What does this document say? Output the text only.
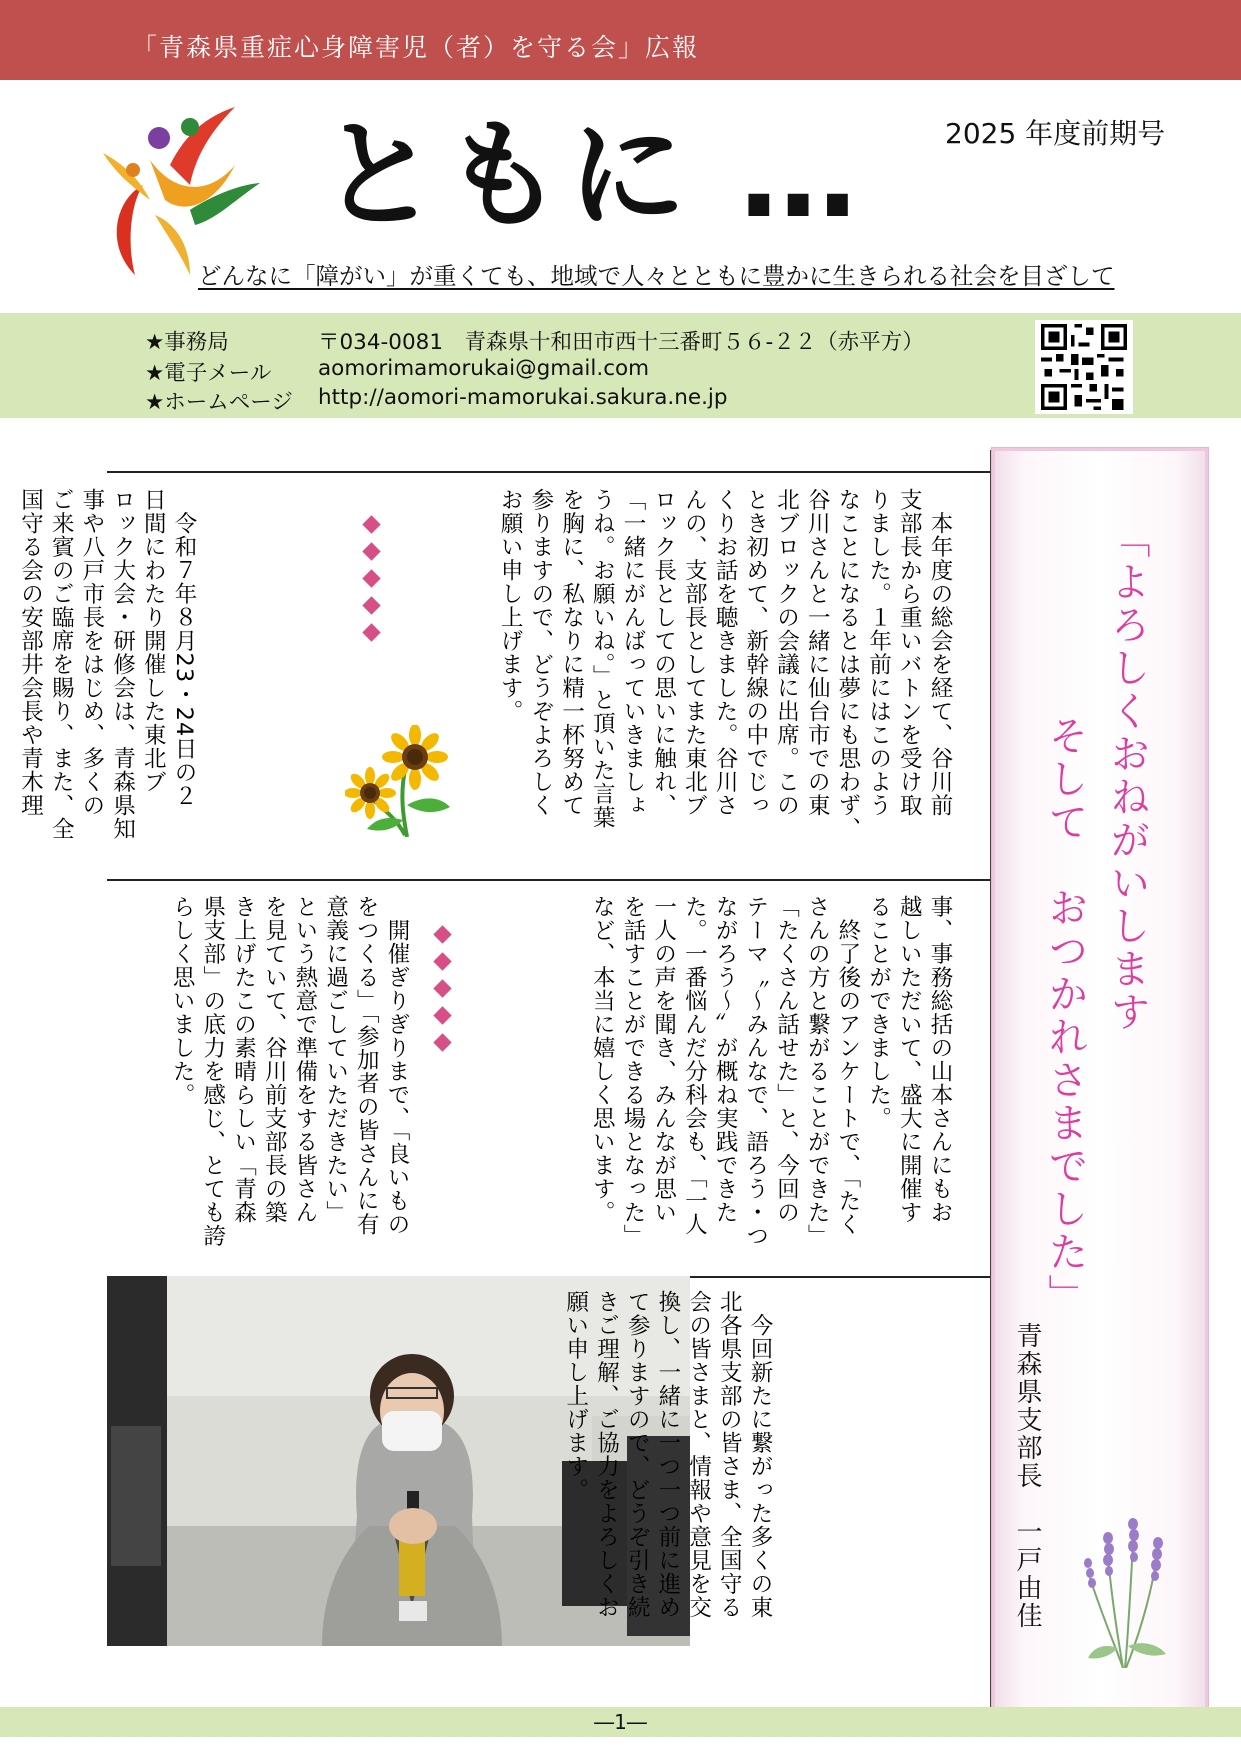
「青森県重症心身障害児（者）を守る会」広報
ともに …	2025 年度前期号
どんなに「障がい」が重くても、地域で人々とともに豊かに生きられる社会を目ざして
★事務局	〒034-0081　青森県十和田市西十三番町５６-２２（赤平方）
★電子メール aomorimamorukai@gmail.com
★ホームページ http://aomori-mamorukai.sakura.ne.jp
　本年度の総会を経て、谷川前
支部長から重いバトンを受け取
りました。１年前にはこのよう
なことになるとは夢にも思わず、
谷川さんと一緒に仙台市での東
北ブロックの会議に出席。この
とき初めて、新幹線の中でじっ
くりお話を聴きました。谷川さ
んの、支部長としてまた東北ブ
ロック長としての思いに触れ、
「一緒にがんばっていきましょ
うね。お願いね。」と頂いた言葉
を胸に、私なりに精一杯努めて
参りますので、どうぞよろしく
お願い申し上げます。
　令和７年８月23・24日の２
日間にわたり開催した東北ブ
ロック大会・研修会は、青森県知
事や八戸市長をはじめ、多くの
ご来賓のご臨席を賜り、また、全
国守る会の安部井会長や青木理
事、事務総括の山本さんにもお
越しいただいて、盛大に開催す
ることができました。
　終了後のアンケートで、「たく
さんの方と繋がることができた」
「たくさん話せた」と、今回の
テーマ〝～みんなで、語ろう・つ
ながろう～〟が概ね実践できた
た。一番悩んだ分科会も、「一人
一人の声を聞き、みんなが思い
を話すことができる場となった」
など、本当に嬉しく思います。
　開催ぎりぎりまで、「良いもの
をつくる」「参加者の皆さんに有
意義に過ごしていただきたい」
という熱意で準備をする皆さん
を見ていて、谷川前支部長の築
き上げたこの素晴らしい「青森
県支部」の底力を感じ、とても誇
らしく思いました。
　今回新たに繋がった多くの東
北各県支部の皆さま、全国守る
会の皆さまと、情報や意見を交
換し、一緒に一つ一つ前に進め
て参りますので、どうぞ引き続
きご理解、ご協力をよろしくお
願い申し上げます。
「よろしくおねがいします
そして　おつかれさまでした」
青森県支部長　一戸由佳
―1―
